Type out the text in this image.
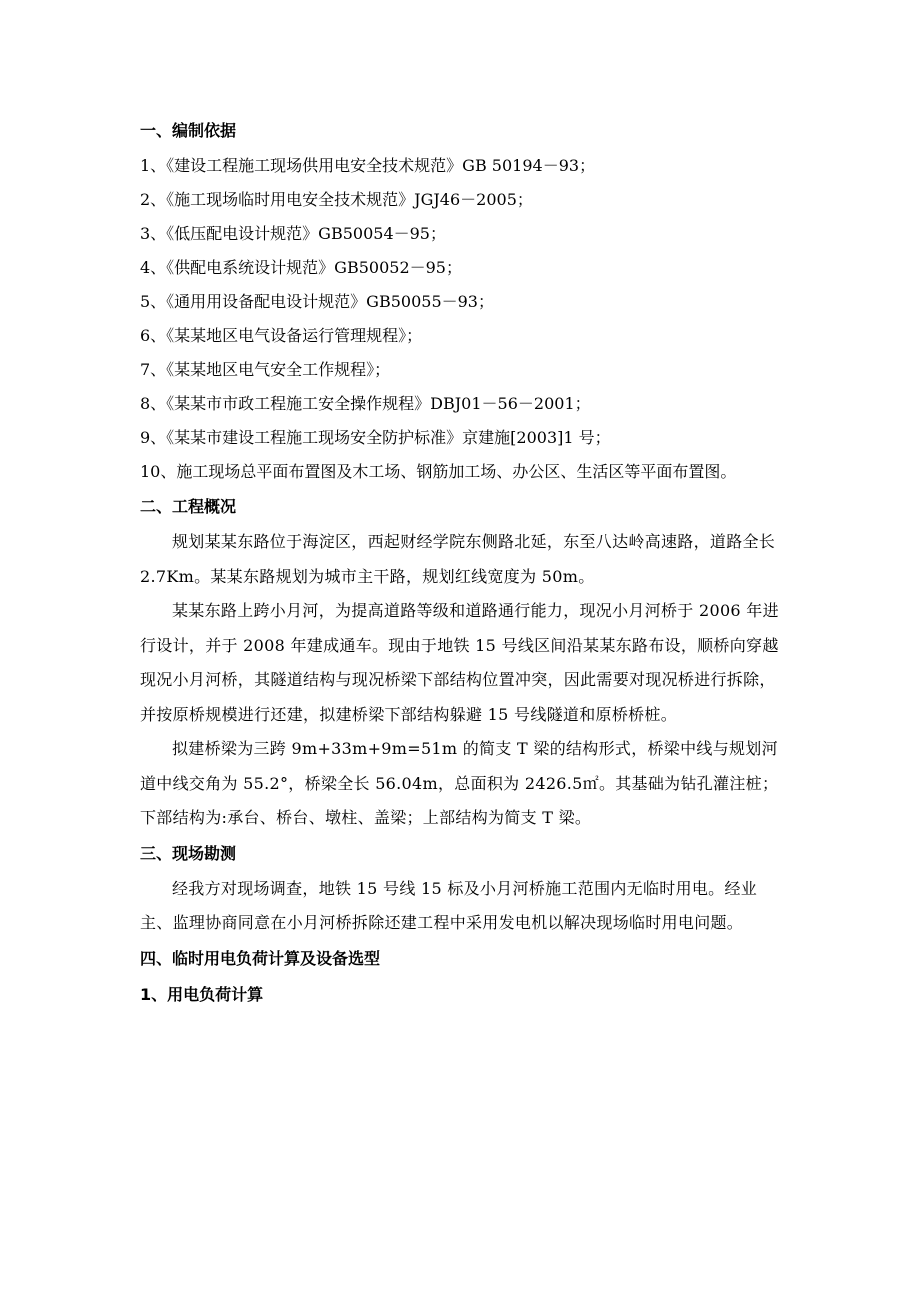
一、编制依据
1、《建设工程施工现场供用电安全技术规范》GB 50194－93；
2、《施工现场临时用电安全技术规范》JGJ46－2005；
3、《低压配电设计规范》GB50054－95；
4、《供配电系统设计规范》GB50052－95；
5、《通用用设备配电设计规范》GB50055－93；
6、《某某地区电气设备运行管理规程》；
7、《某某地区电气安全工作规程》；
8、《某某市市政工程施工安全操作规程》DBJ01－56－2001；
9、《某某市建设工程施工现场安全防护标准》京建施[2003]1 号；
10、施工现场总平面布置图及木工场、钢筋加工场、办公区、生活区等平面布置图。
二、工程概况

规划某某东路位于海淀区，西起财经学院东侧路北延，东至八达岭高速路，道路全长 2.7Km。某某东路规划为城市主干路，规划红线宽度为 50m。

某某东路上跨小月河，为提高道路等级和道路通行能力，现况小月河桥于 2006 年进行设计，并于 2008 年建成通车。现由于地铁 15 号线区间沿某某东路布设，顺桥向穿越现况小月河桥，其隧道结构与现况桥梁下部结构位置冲突，因此需要对现况桥进行拆除，并按原桥规模进行还建，拟建桥梁下部结构躲避 15 号线隧道和原桥桥桩。

拟建桥梁为三跨 9m+33m+9m=51m 的简支 T 梁的结构形式，桥梁中线与规划河道中线交角为 55.2°，桥梁全长 56.04m，总面积为 2426.5㎡。其基础为钻孔灌注桩；下部结构为:承台、桥台、墩柱、盖梁；上部结构为简支 T 梁。

三、现场勘测

经我方对现场调查，地铁 15 号线 15 标及小月河桥施工范围内无临时用电。经业主、监理协商同意在小月河桥拆除还建工程中采用发电机以解决现场临时用电问题。

四、临时用电负荷计算及设备选型
1、用电负荷计算
